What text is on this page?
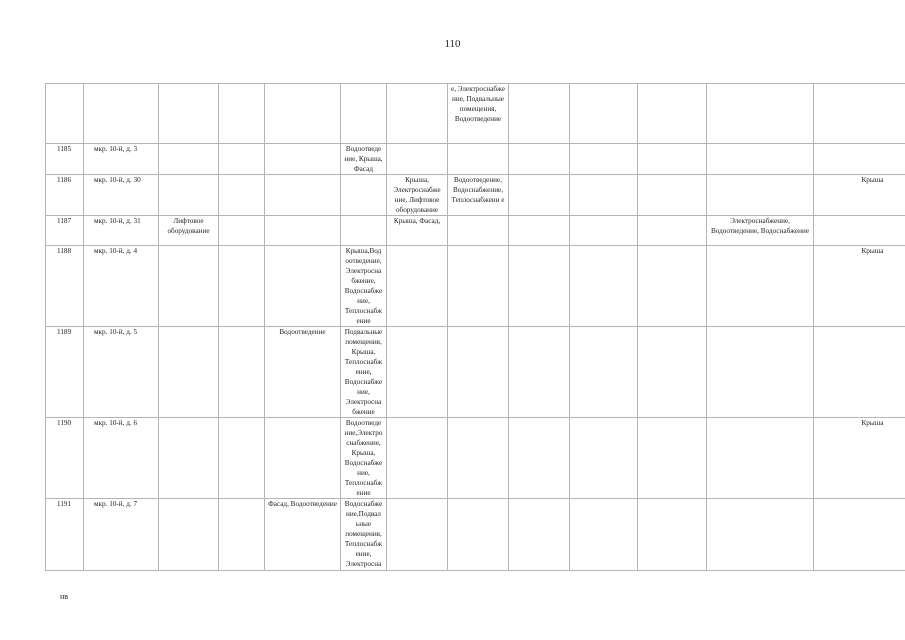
110
							е, Электроснабже ние, Подвальные помещения, Водоотведение					
1185	мкр. 10-й, д. 3				Водоотведе ние, Крыша, Фасад							
1186	мкр. 10-й, д. 30					Крыша, Электроснабже ние, Лифтовое оборудование	Водоотведение, Водоснабжение, Теплоснабжени е					Крыша
1187	мкр. 10-й, д. 31	Лифтовое оборудование				Крыша, Фасад,					Электроснабжение, Водоотведение, Водоснабжение	
1188	мкр. 10-й, д. 4				Крыша,Вод оотведение, Электросна бжение, Водоснабже ние, Теплоснабж ение							Крыша
1189	мкр. 10-й, д. 5			Водоотведение	Подвальные помещения, Крыша, Теплоснабж ение, Водоснабже ние, Электросна бжение							
1190	мкр. 10-й, д. 6				Водоотведе ние,Электро снабжение, Крыша, Водоснабже ние, Теплоснабж ение							Крыша
1191	мкр. 10-й, д. 7			Фасад, Водоотведение	Водоснабже ние,Подвал ьные помещения, Теплоснабж ение, Электросна							
нв
